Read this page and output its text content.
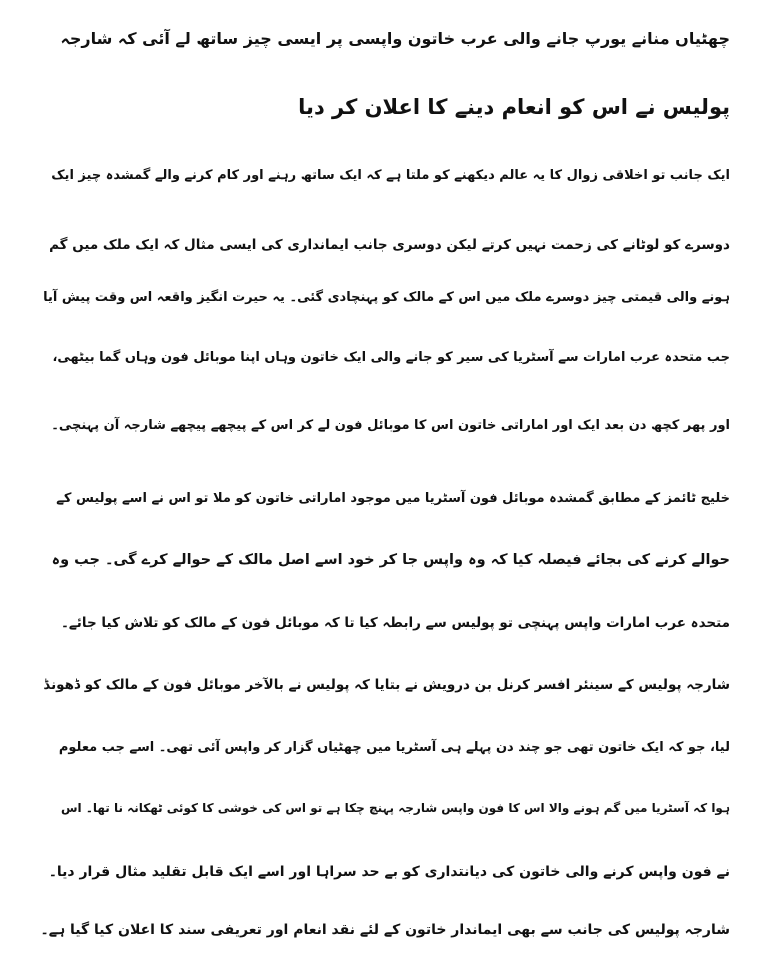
چھٹیاں منانے یورپ جانے والی عرب خاتون واپسی پر ایسی چیز ساتھ لے آئی کہ شارجہ
پولیس نے اس کو انعام دینے کا اعلان کر دیا
ایک جانب تو اخلاقی زوال کا یہ عالم دیکھنے کو ملتا ہے کہ ایک ساتھ رہنے اور کام کرنے والے گمشدہ چیز ایک
دوسرے کو لوٹانے کی زحمت نہیں کرتے لیکن دوسری جانب ایمانداری کی ایسی مثال کہ ایک ملک میں گم
ہونے والی قیمتی چیز دوسرے ملک میں اس کے مالک کو پہنچادی گئی۔ یہ حیرت انگیز واقعہ اس وقت پیش آیا
جب متحدہ عرب امارات سے آسٹریا کی سیر کو جانے والی ایک خاتون وہاں اپنا موبائل فون وہاں گما بیٹھی،
اور پھر کچھ دن بعد ایک اور اماراتی خاتون اس کا موبائل فون لے کر اس کے پیچھے پیچھے شارجہ آن پہنچی۔
خلیج ٹائمز کے مطابق گمشدہ موبائل فون آسٹریا میں موجود اماراتی خاتون کو ملا تو اس نے اسے پولیس کے
حوالے کرنے کی بجائے فیصلہ کیا کہ وہ واپس جا کر خود اسے اصل مالک کے حوالے کرے گی۔ جب وہ
متحدہ عرب امارات واپس پہنچی تو پولیس سے رابطہ کیا تا کہ موبائل فون کے مالک کو تلاش کیا جائے۔
شارجہ پولیس کے سینئر افسر کرنل بن درویش نے بتایا کہ پولیس نے بالآخر موبائل فون کے مالک کو ڈھونڈ
لیا، جو کہ ایک خاتون تھی جو چند دن پہلے ہی آسٹریا میں چھٹیاں گزار کر واپس آئی تھی۔ اسے جب معلوم
ہوا کہ آسٹریا میں گم ہونے والا اس کا فون واپس شارجہ پہنچ چکا ہے تو اس کی خوشی کا کوئی ٹھکانہ نا تھا۔ اس
نے فون واپس کرنے والی خاتون کی دیانتداری کو بے حد سراہا اور اسے ایک قابل تقلید مثال قرار دیا۔
شارجہ پولیس کی جانب سے بھی ایماندار خاتون کے لئے نقد انعام اور تعریفی سند کا اعلان کیا گیا ہے۔
